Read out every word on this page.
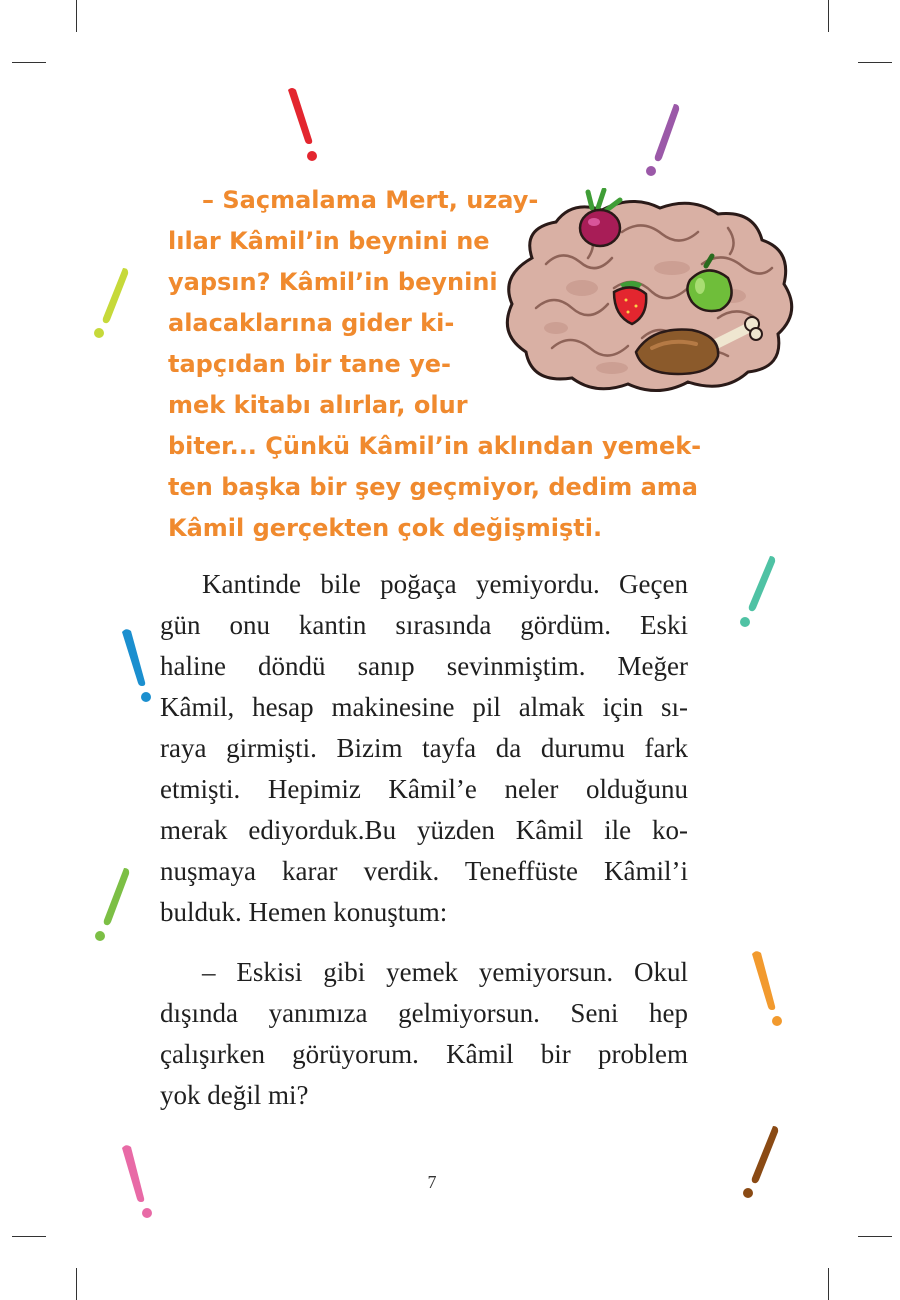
– Saçmalama Mert, uzay-
lılar Kâmil’in beynini ne
yapsın? Kâmil’in beynini
alacaklarına gider ki-
tapçıdan bir tane ye-
mek kitabı alırlar, olur
biter... Çünkü Kâmil’in aklından yemek-
ten başka bir şey geçmiyor, dedim ama
Kâmil gerçekten çok değişmişti.
Kantinde bile poğaça yemiyordu. Geçen
gün onu kantin sırasında gördüm. Eski
haline döndü sanıp sevinmiştim. Meğer
Kâmil, hesap makinesine pil almak için sı-
raya girmişti. Bizim tayfa da durumu fark
etmişti. Hepimiz Kâmil’e neler olduğunu
merak ediyorduk.Bu yüzden Kâmil ile ko-
nuşmaya karar verdik. Teneffüste Kâmil’i
bulduk. Hemen konuştum:
– Eskisi gibi yemek yemiyorsun. Okul
dışında yanımıza gelmiyorsun. Seni hep
çalışırken görüyorum. Kâmil bir problem
yok değil mi?
7
